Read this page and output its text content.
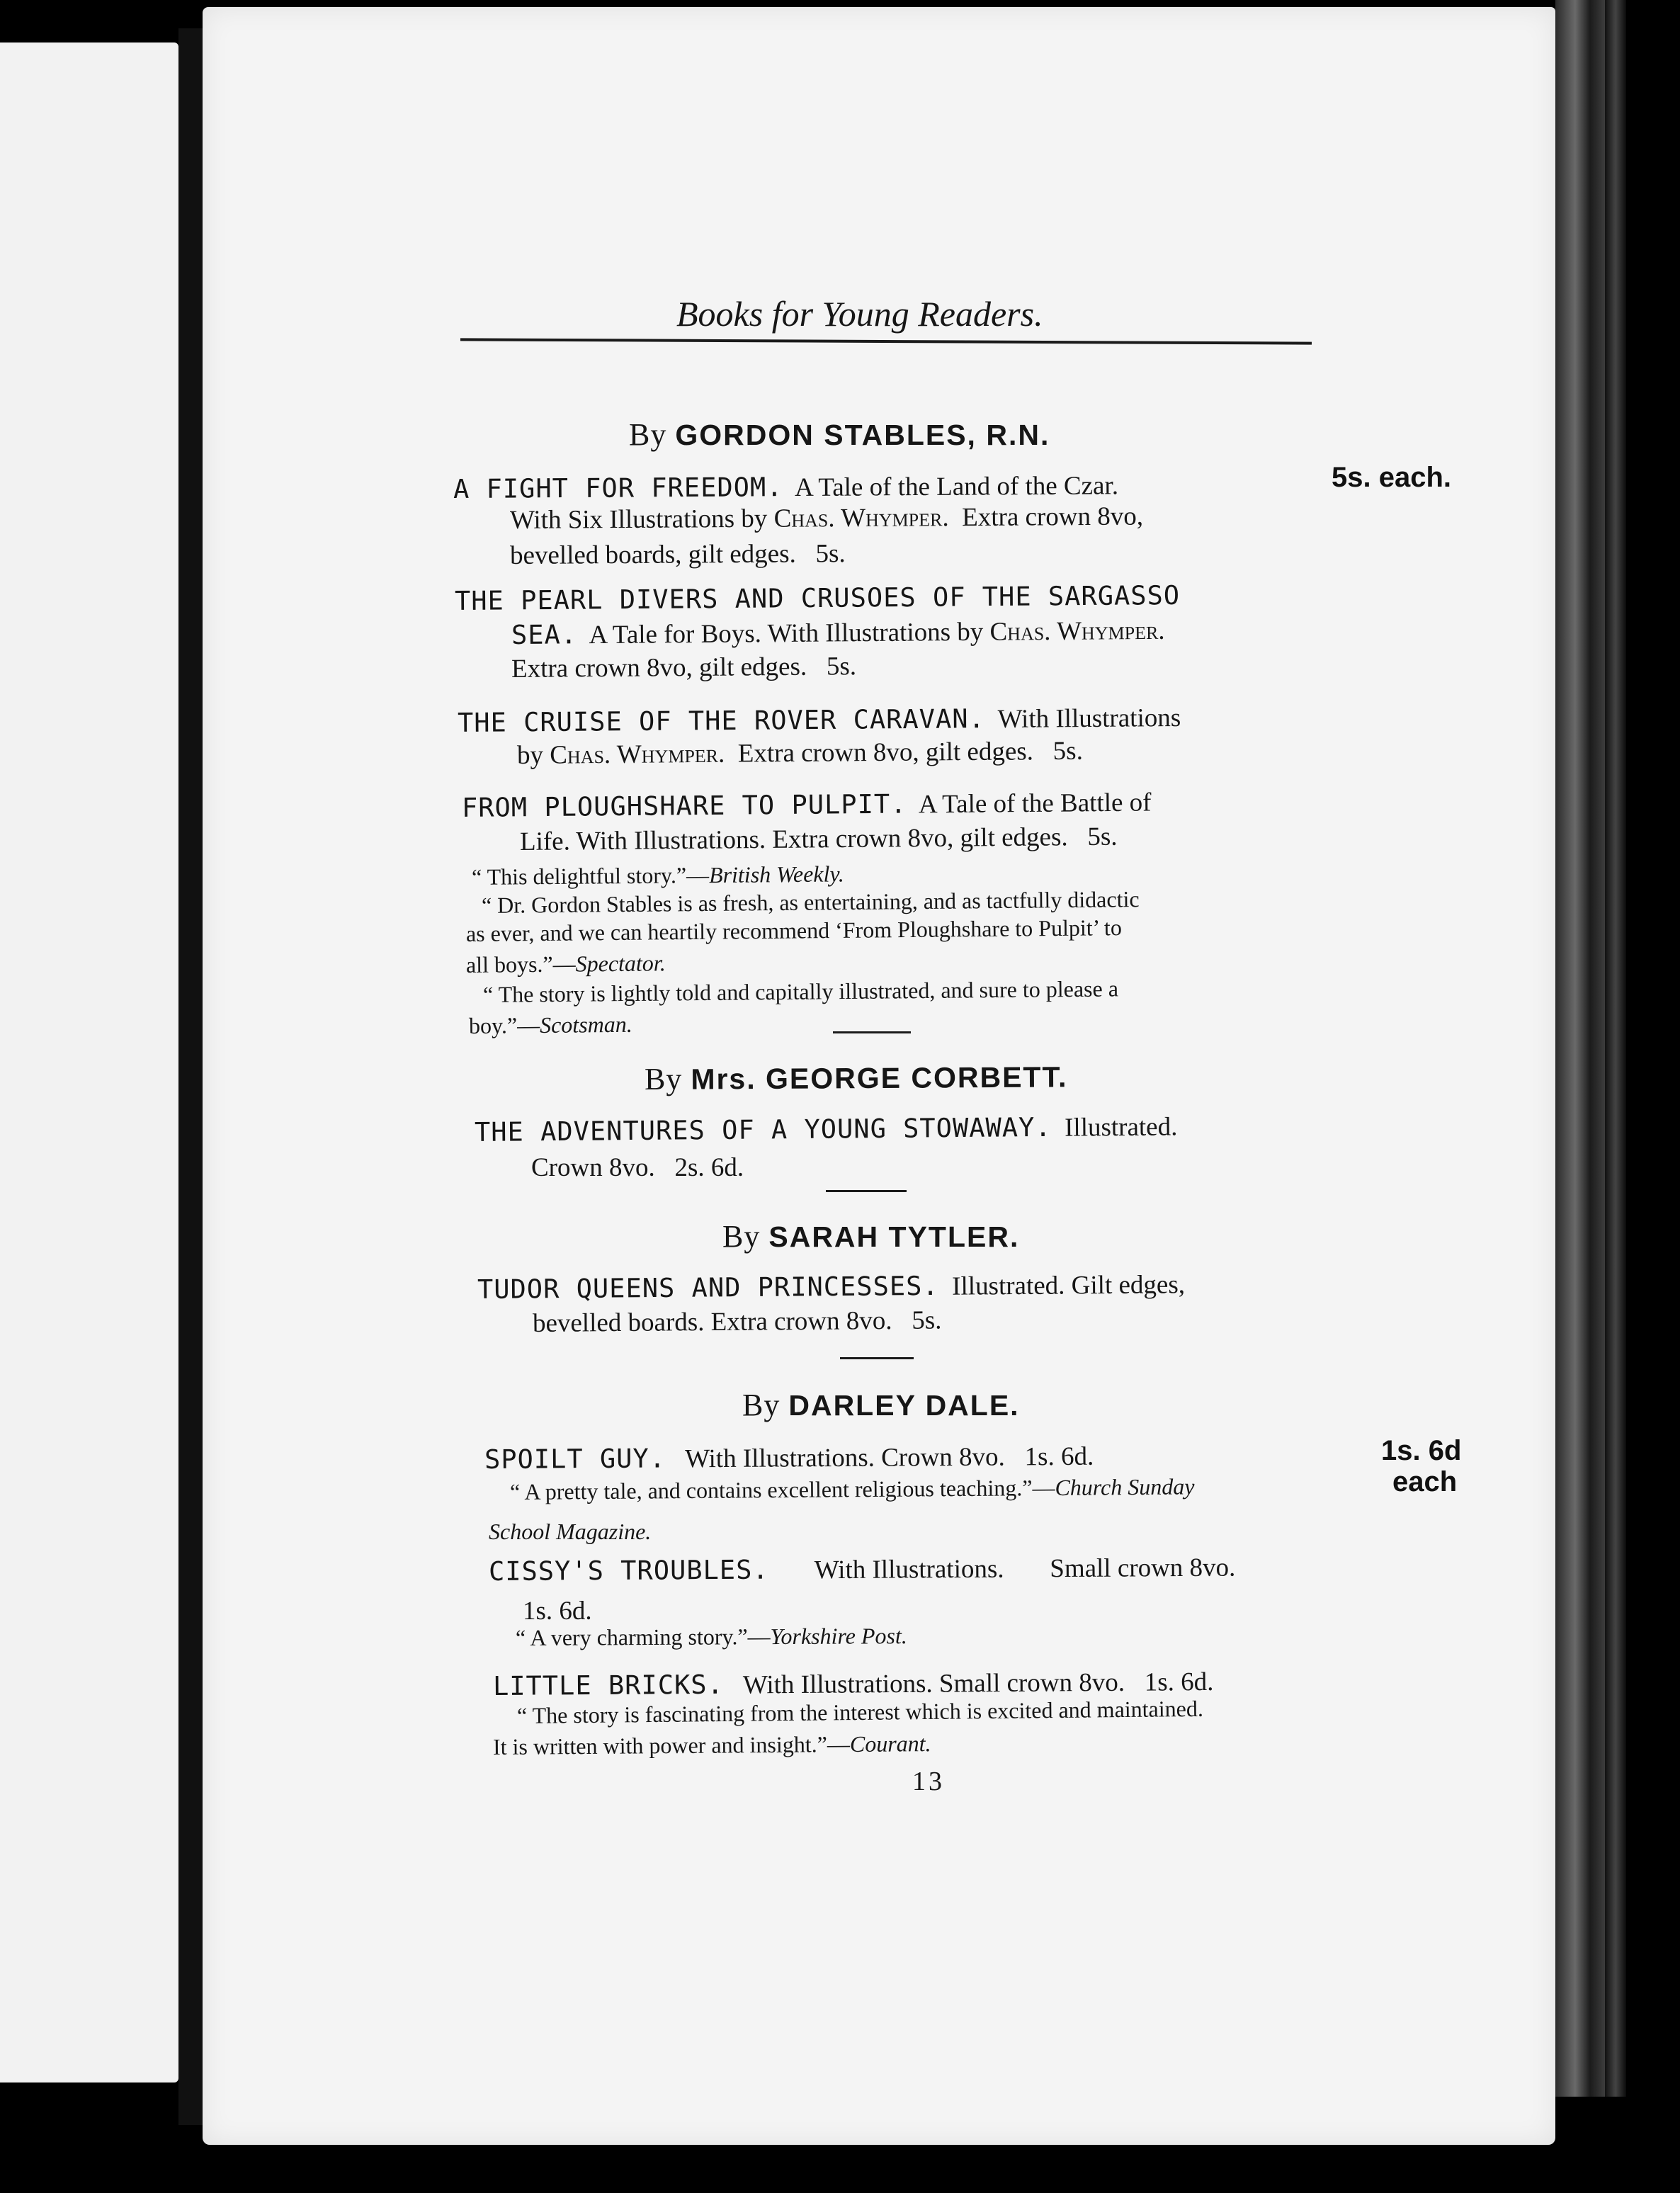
Books for Young Readers.
By GORDON STABLES, R.N.
A FIGHT FOR FREEDOM. A Tale of the Land of the Czar.	5s. each.
With Six Illustrations by Chas. Whymper. Extra crown 8vo,
bevelled boards, gilt edges. 5s.
THE PEARL DIVERS AND CRUSOES OF THE SARGASSO
SEA. A Tale for Boys. With Illustrations by Chas. Whymper.
Extra crown 8vo, gilt edges. 5s.
THE CRUISE OF THE ROVER CARAVAN. With Illustrations
by Chas. Whymper. Extra crown 8vo, gilt edges. 5s.
FROM PLOUGHSHARE TO PULPIT. A Tale of the Battle of
Life. With Illustrations. Extra crown 8vo, gilt edges. 5s.
“ This delightful story.”—British Weekly.
“ Dr. Gordon Stables is as fresh, as entertaining, and as tactfully didactic
as ever, and we can heartily recommend ‘From Ploughshare to Pulpit’ to
all boys.”—Spectator.
“ The story is lightly told and capitally illustrated, and sure to please a
boy.”—Scotsman.
By Mrs. GEORGE CORBETT.
THE ADVENTURES OF A YOUNG STOWAWAY. Illustrated.
Crown 8vo. 2s. 6d.
By SARAH TYTLER.
TUDOR QUEENS AND PRINCESSES. Illustrated. Gilt edges,
bevelled boards. Extra crown 8vo. 5s.
By DARLEY DALE.
1s. 6d
each
SPOILT GUY. With Illustrations. Crown 8vo. 1s. 6d.
“ A pretty tale, and contains excellent religious teaching.”—Church Sunday
School Magazine.
CISSY'S TROUBLES. With Illustrations. Small crown 8vo.
1s. 6d.
“ A very charming story.”—Yorkshire Post.
LITTLE BRICKS. With Illustrations. Small crown 8vo. 1s. 6d.
“ The story is fascinating from the interest which is excited and maintained.
It is written with power and insight.”—Courant.
13
